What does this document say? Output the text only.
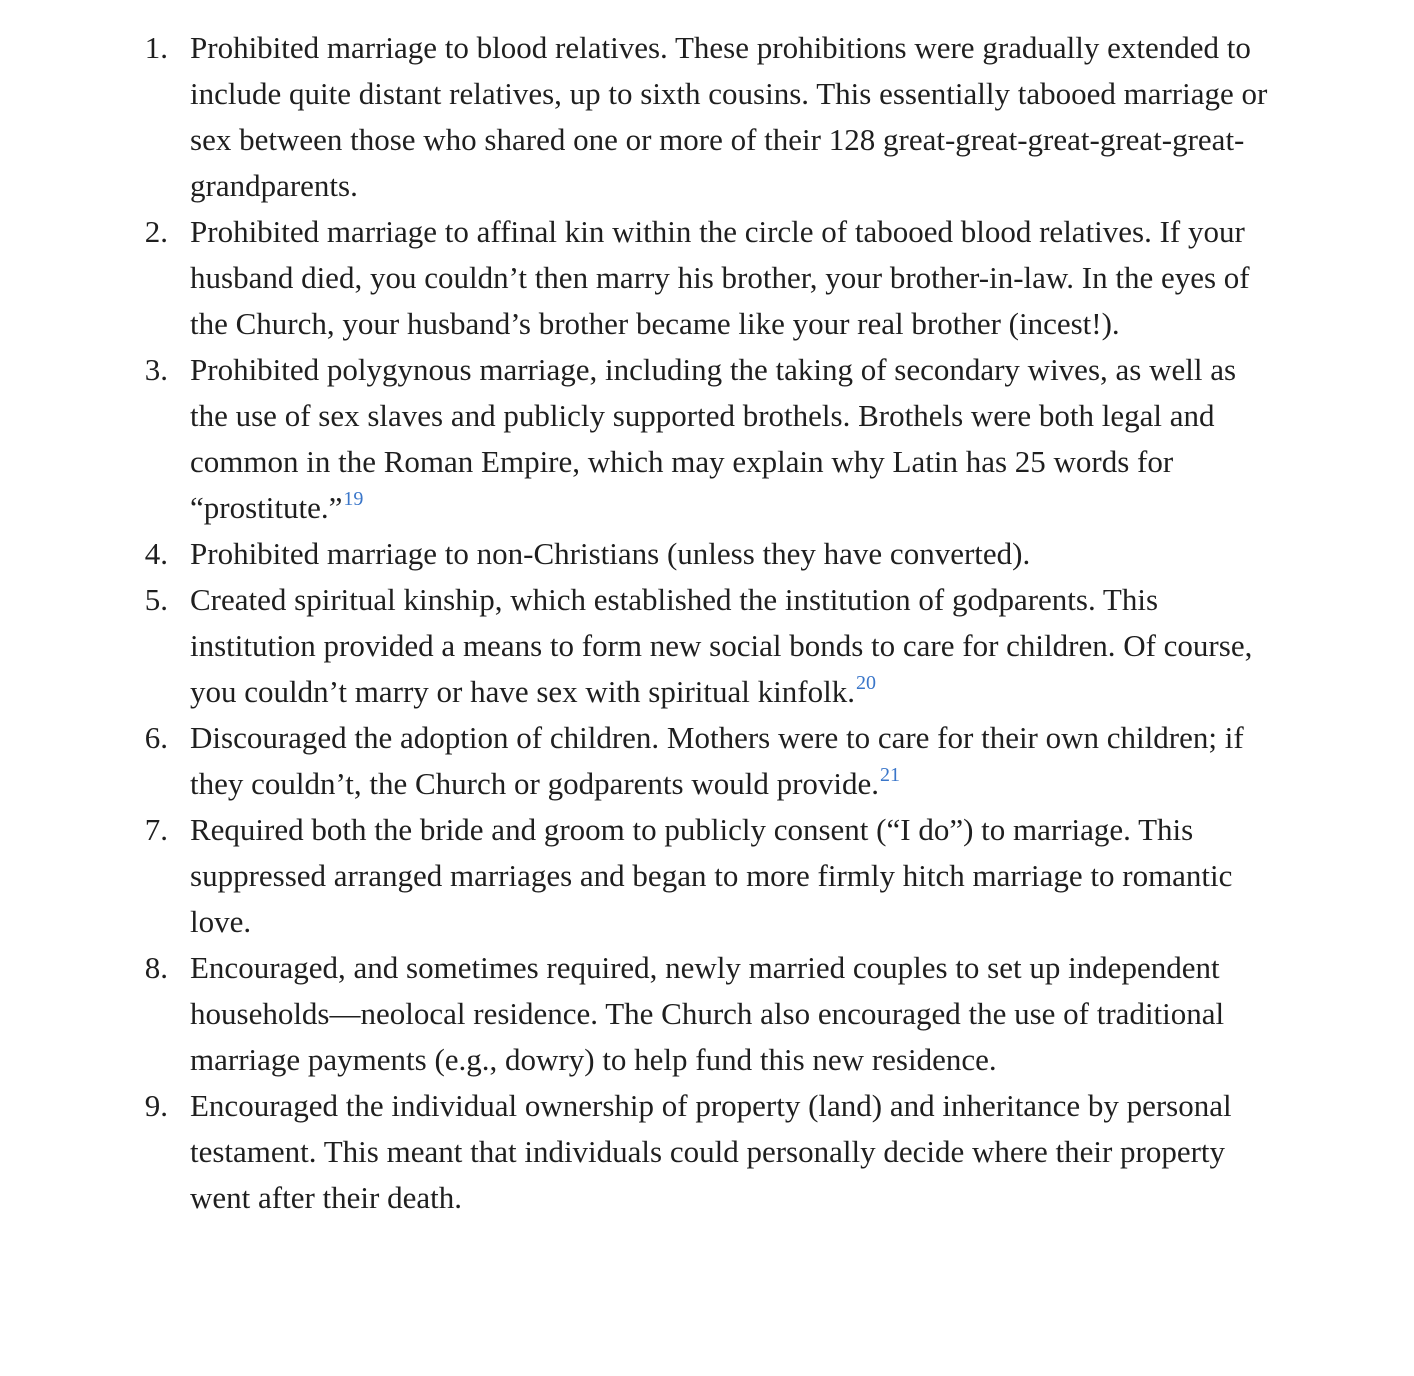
1. Prohibited marriage to blood relatives. These prohibitions were gradually extended to include quite distant relatives, up to sixth cousins. This essentially tabooed marriage or sex between those who shared one or more of their 128 great-great-great-great-great-grandparents.
2. Prohibited marriage to affinal kin within the circle of tabooed blood relatives. If your husband died, you couldn’t then marry his brother, your brother-in-law. In the eyes of the Church, your husband’s brother became like your real brother (incest!).
3. Prohibited polygynous marriage, including the taking of secondary wives, as well as the use of sex slaves and publicly supported brothels. Brothels were both legal and common in the Roman Empire, which may explain why Latin has 25 words for “prostitute.”$^{19}$
4. Prohibited marriage to non-Christians (unless they have converted).
5. Created spiritual kinship, which established the institution of godparents. This institution provided a means to form new social bonds to care for children. Of course, you couldn’t marry or have sex with spiritual kinfolk.$^{20}$
6. Discouraged the adoption of children. Mothers were to care for their own children; if they couldn’t, the Church or godparents would provide.$^{21}$
7. Required both the bride and groom to publicly consent (“I do”) to marriage. This suppressed arranged marriages and began to more firmly hitch marriage to romantic love.
8. Encouraged, and sometimes required, newly married couples to set up independent households—neolocal residence. The Church also encouraged the use of traditional marriage payments (e.g., dowry) to help fund this new residence.
9. Encouraged the individual ownership of property (land) and inheritance by personal testament. This meant that individuals could personally decide where their property went after their death.
